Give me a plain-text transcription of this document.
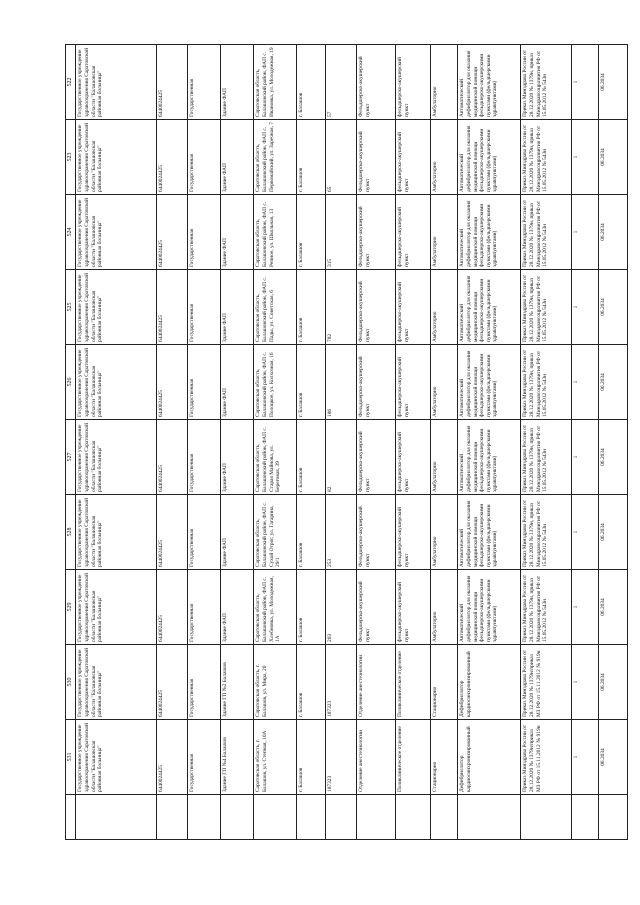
	531	530	529	528	527	526	525	524	523	522
	Государственное учреждение здравоохранения Саратовской области "Балашовская районная больница"	Государственное учреждение здравоохранения Саратовской области "Балашовская районная больница"	Государственное учреждение здравоохранения Саратовской области "Балашовская районная больница"	Государственное учреждение здравоохранения Саратовской области "Балашовская районная больница"	Государственное учреждение здравоохранения Саратовской области "Балашовская районная больница"	Государственное учреждение здравоохранения Саратовской области "Балашовская районная больница"	Государственное учреждение здравоохранения Саратовской области "Балашовская районная больница"	Государственное учреждение здравоохранения Саратовской области "Балашовская районная больница"	Государственное учреждение здравоохранения Саратовской области "Балашовская районная больница"	Государственное учреждение здравоохранения Саратовской области "Балашовская районная больница"
	6440024425	6440024425	6440024425	6440024425	6440024425	6440024425	6440024425	6440024425	6440024425	6440024425
	Государственная	Государственная	Государственная	Государственная	Государственная	Государственная	Государственная	Государственная	Государственная	Государственная
	Здание ГП №4 Балашов	Здание ГП №2 Балашов	Здание ФАП	Здание ФАП	Здание ФАП	Здание ФАП	Здание ФАП	Здание ФАП	Здание ФАП	Здание ФАП
	Саратовская область, г. Балашов, ул. Степная, 10А	Саратовская область, г. Балашов, ул. Мира, 20	Саратовская область, Балашовский район, ФАП с. Хлебновка, ул. Молодежная, 1А	Саратовская область, Балашовский район, ФАП с. Сухой Отрог, ул. Гагарина, 29/1	Саратовская область, Балашовский район, ФАП с. Старая Майнова, ул. Береговая, 39	Саратовская область, Балашовский район, ФАП с. Полоцкое, ул. Колхозная, 16	Саратовская область, Балашовский район, ФАП с. Пады, ул. Советская, 6	Саратовская область, Балашовский район, ФАП с. Репное, ул. Школьная, 13	Саратовская область, Балашовский район, ФАП с. Первомайский, ул. Заречная, 7	Саратовская область, Балашовский район, ФАП с. Ивановка, ул. Молодежная, 19
	г. Балашов	г. Балашов	г. Балашов	г. Балашов	г. Балашов	г. Балашов	г. Балашов	г. Балашов	г. Балашов	г. Балашов
	187323	187323	203	253	82	186	782	315	65	57
	Отделение анестезиологии	Отделение анестезиологии	Фельдшерско-акушерский пункт	Фельдшерско-акушерский пункт	Фельдшерско-акушерский пункт	Фельдшерско-акушерский пункт	Фельдшерско-акушерский пункт	Фельдшерско-акушерский пункт	Фельдшерско-акушерский пункт	Фельдшерско-акушерский пункт
	Поликлиническое отделение	Поликлиническое отделение	фельдшерско-акушерский пункт	фельдшерско-акушерский пункт	фельдшерско-акушерский пункт	фельдшерско-акушерский пункт	фельдшерско-акушерский пункт	фельдшерско-акушерский пункт	фельдшерско-акушерский пункт	фельдшерско-акушерский пункт
	Стационарно	Стационарно	Амбулаторно	Амбулаторно	Амбулаторно	Амбулаторно	Амбулаторно	Амбулаторно	Амбулаторно	Амбулаторно
	Дефибриллятор кардиосинхронизированный	Дефибриллятор кардиосинхронизированный	Автоматический дефибриллятор для оказания медицинской помощи фельдшерско-акушерскими пунктами (фельдшерскими здравпунктами)	Автоматический дефибриллятор для оказания медицинской помощи фельдшерско-акушерскими пунктами (фельдшерскими здравпунктами)	Автоматический дефибриллятор для оказания медицинской помощи фельдшерско-акушерскими пунктами (фельдшерскими здравпунктами)	Автоматический дефибриллятор для оказания медицинской помощи фельдшерско-акушерскими пунктами (фельдшерскими здравпунктами)	Автоматический дефибриллятор для оказания медицинской помощи фельдшерско-акушерскими пунктами (фельдшерскими здравпунктами)	Автоматический дефибриллятор для оказания медицинской помощи фельдшерско-акушерскими пунктами (фельдшерскими здравпунктами)	Автоматический дефибриллятор для оказания медицинской помощи фельдшерско-акушерскими пунктами (фельдшерскими здравпунктами)	Автоматический дефибриллятор для оказания медицинской помощи фельдшерско-акушерскими пунктами (фельдшерскими здравпунктами)
	Приказ Минздрава России от 28.12.2020 № 1379н/приказ МЗ РФ от 15.11.2012 № 919н	Приказ Минздрава России от 28.12.2020 № 1379н/приказ МЗ РФ от 15.11.2012 № 919н	Приказ Минздрава России от 28.12.2020 № 1379н, приказ Минздравсоцразвития РФ от 15.05.2012 № 543н	Приказ Минздрава России от 28.12.2020 № 1379н, приказ Минздравсоцразвития РФ от 15.05.2012 № 543н	Приказ Минздрава России от 28.12.2020 № 1379н, приказ Минздравсоцразвития РФ от 15.05.2012 № 543н	Приказ Минздрава России от 28.12.2020 № 1379н, приказ Минздравсоцразвития РФ от 15.05.2012 № 543н	Приказ Минздрава России от 28.12.2020 № 1379н, приказ Минздравсоцразвития РФ от 15.05.2012 № 543н	Приказ Минздрава России от 28.12.2020 № 1379н, приказ Минздравсоцразвития РФ от 15.05.2012 № 543н	Приказ Минздрава России от 28.12.2020 № 1379н, приказ Минздравсоцразвития РФ от 15.05.2012 № 543н	Приказ Минздрава России от 28.12.2020 № 1379н, приказ Минздравсоцразвития РФ от 15.05.2012 № 543н
	1	1	1	1	1	1	1	1	1	1
	06.2034	06.2034	06.2034	06.2034	06.2034	06.2034	06.2034	06.2034	06.2034	06.2034
